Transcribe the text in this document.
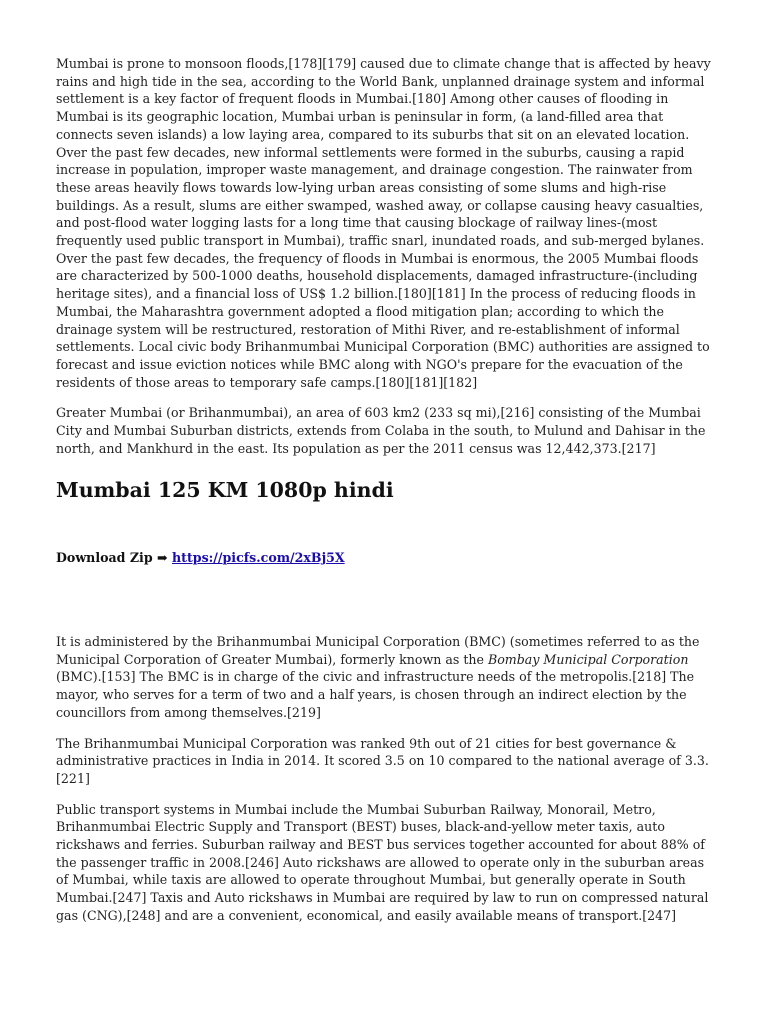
Mumbai is prone to monsoon floods,[178][179] caused due to climate change that is affected by heavy rains and high tide in the sea, according to the World Bank, unplanned drainage system and informal settlement is a key factor of frequent floods in Mumbai.[180] Among other causes of flooding in Mumbai is its geographic location, Mumbai urban is peninsular in form, (a land-filled area that connects seven islands) a low laying area, compared to its suburbs that sit on an elevated location. Over the past few decades, new informal settlements were formed in the suburbs, causing a rapid increase in population, improper waste management, and drainage congestion. The rainwater from these areas heavily flows towards low-lying urban areas consisting of some slums and high-rise buildings. As a result, slums are either swamped, washed away, or collapse causing heavy casualties, and post-flood water logging lasts for a long time that causing blockage of railway lines-(most frequently used public transport in Mumbai), traffic snarl, inundated roads, and sub-merged bylanes. Over the past few decades, the frequency of floods in Mumbai is enormous, the 2005 Mumbai floods are characterized by 500-1000 deaths, household displacements, damaged infrastructure-(including heritage sites), and a financial loss of US$ 1.2 billion.[180][181] In the process of reducing floods in Mumbai, the Maharashtra government adopted a flood mitigation plan; according to which the drainage system will be restructured, restoration of Mithi River, and re-establishment of informal settlements. Local civic body Brihanmumbai Municipal Corporation (BMC) authorities are assigned to forecast and issue eviction notices while BMC along with NGO's prepare for the evacuation of the residents of those areas to temporary safe camps.[180][181][182]

Greater Mumbai (or Brihanmumbai), an area of 603 km2 (233 sq mi),[216] consisting of the Mumbai City and Mumbai Suburban districts, extends from Colaba in the south, to Mulund and Dahisar in the north, and Mankhurd in the east. Its population as per the 2011 census was 12,442,373.[217]

Mumbai 125 KM 1080p hindi
Download Zip ➡ https://picfs.com/2xBj5X

It is administered by the Brihanmumbai Municipal Corporation (BMC) (sometimes referred to as the Municipal Corporation of Greater Mumbai), formerly known as the Bombay Municipal Corporation (BMC).[153] The BMC is in charge of the civic and infrastructure needs of the metropolis.[218] The mayor, who serves for a term of two and a half years, is chosen through an indirect election by the councillors from among themselves.[219]

The Brihanmumbai Municipal Corporation was ranked 9th out of 21 cities for best governance & administrative practices in India in 2014. It scored 3.5 on 10 compared to the national average of 3.3.[221]

Public transport systems in Mumbai include the Mumbai Suburban Railway, Monorail, Metro, Brihanmumbai Electric Supply and Transport (BEST) buses, black-and-yellow meter taxis, auto rickshaws and ferries. Suburban railway and BEST bus services together accounted for about 88% of the passenger traffic in 2008.[246] Auto rickshaws are allowed to operate only in the suburban areas of Mumbai, while taxis are allowed to operate throughout Mumbai, but generally operate in South Mumbai.[247] Taxis and Auto rickshaws in Mumbai are required by law to run on compressed natural gas (CNG),[248] and are a convenient, economical, and easily available means of transport.[247]
